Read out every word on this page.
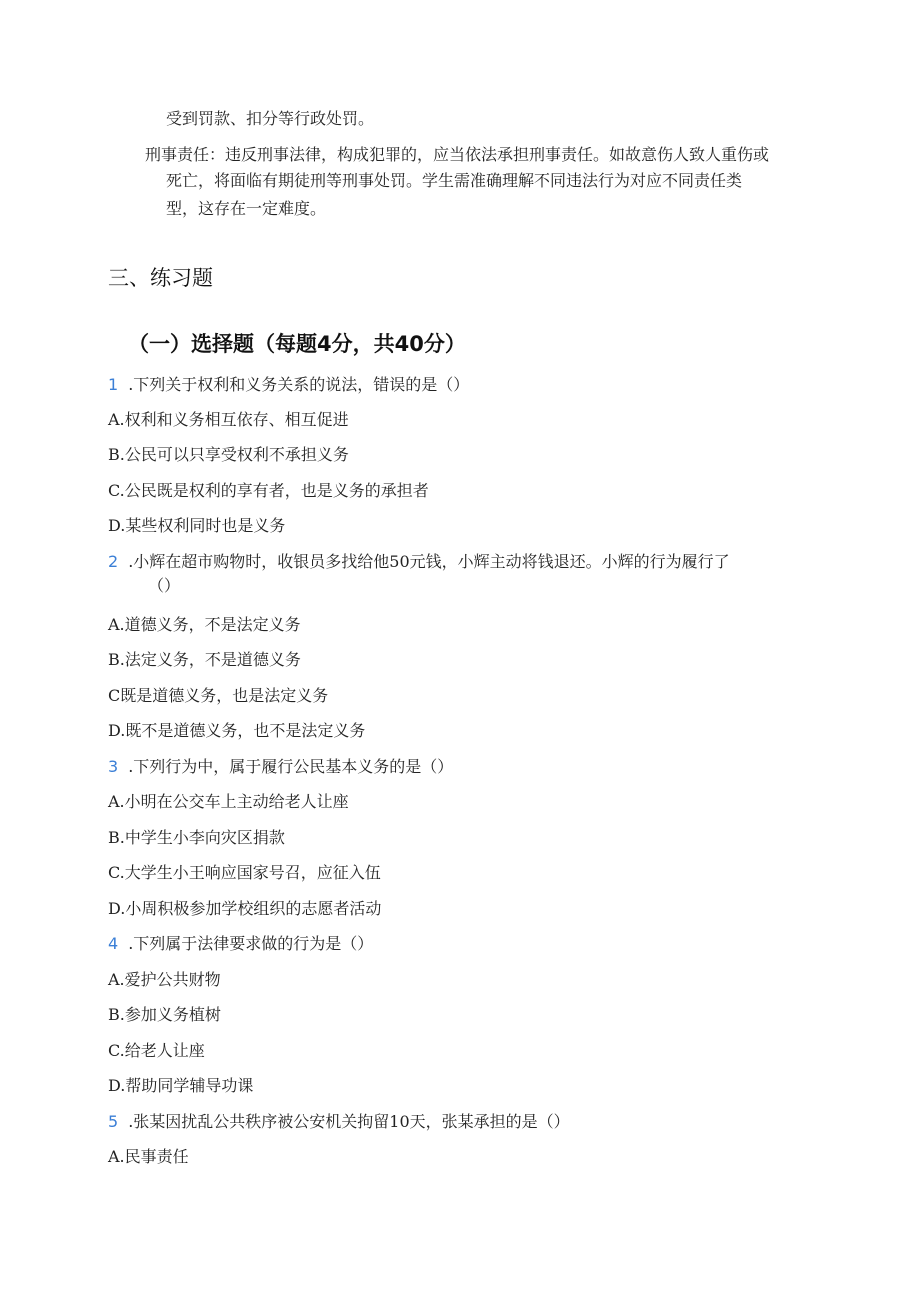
受到罚款、扣分等行政处罚。
刑事责任：违反刑事法律，构成犯罪的，应当依法承担刑事责任。如故意伤人致人重伤或
死亡，将面临有期徒刑等刑事处罚。学生需准确理解不同违法行为对应不同责任类
型，这存在一定难度。
三、练习题
（一）选择题（每题4分，共40分）
1 .下列关于权利和义务关系的说法，错误的是（）
A.权利和义务相互依存、相互促进
B.公民可以只享受权利不承担义务
C.公民既是权利的享有者，也是义务的承担者
D.某些权利同时也是义务
2 .小辉在超市购物时，收银员多找给他50元钱，小辉主动将钱退还。小辉的行为履行了
（）
A.道德义务，不是法定义务
B.法定义务，不是道德义务
C既是道德义务，也是法定义务
D.既不是道德义务，也不是法定义务
3 .下列行为中，属于履行公民基本义务的是（）
A.小明在公交车上主动给老人让座
B.中学生小李向灾区捐款
C.大学生小王响应国家号召，应征入伍
D.小周积极参加学校组织的志愿者活动
4 .下列属于法律要求做的行为是（）
A.爱护公共财物
B.参加义务植树
C.给老人让座
D.帮助同学辅导功课
5 .张某因扰乱公共秩序被公安机关拘留10天，张某承担的是（）
A.民事责任
